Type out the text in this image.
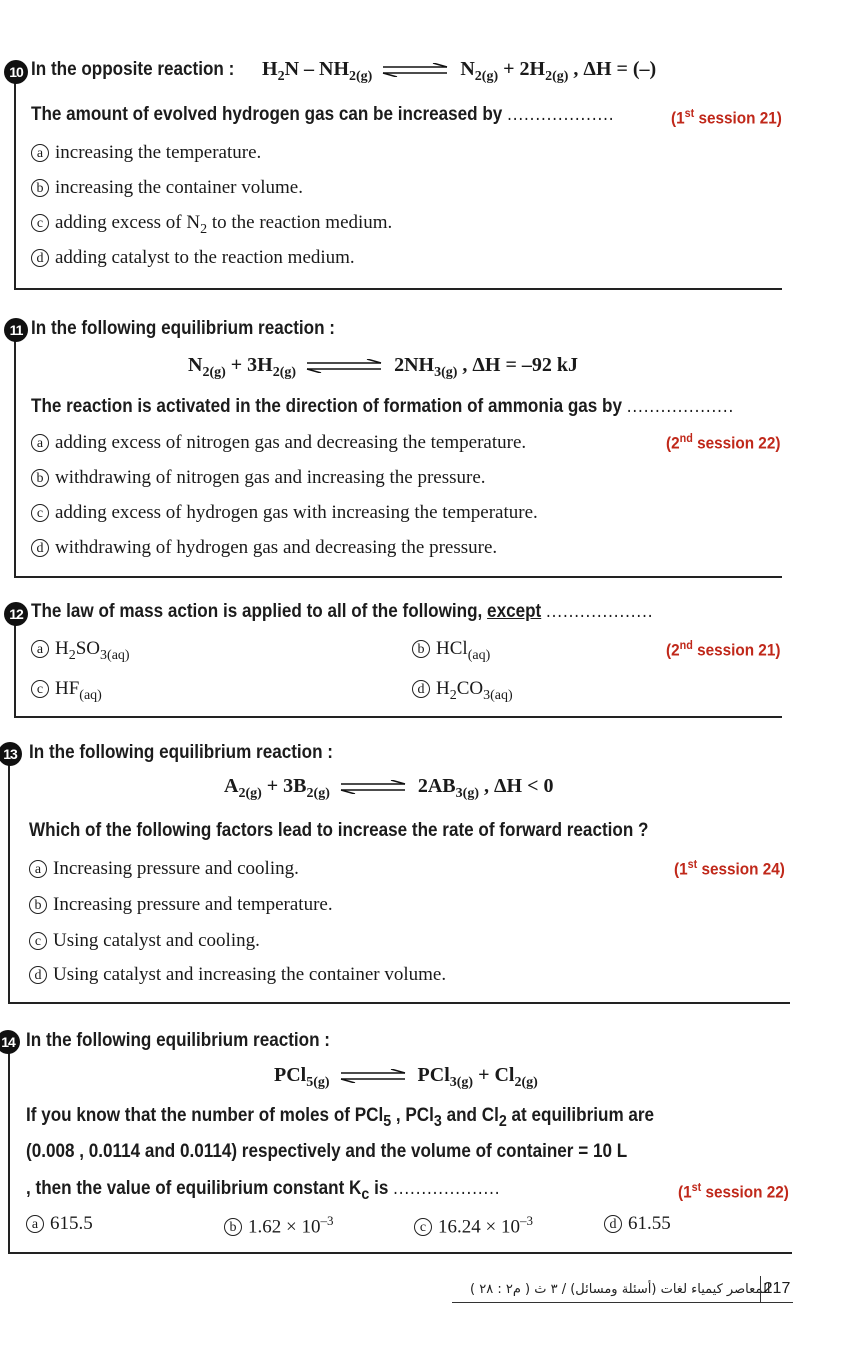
10 In the opposite reaction : $H_2N - NH_{2(g)}$ ⇌ $N_{2(g)} + 2H_{2(g)}$ , ΔH = (–)
The amount of evolved hydrogen gas can be increased by ...................	(1st session 21)
a increasing the temperature.
b increasing the container volume.
c adding excess of $N_2$ to the reaction medium.
d adding catalyst to the reaction medium.
11 In the following equilibrium reaction :
$N_{2(g)} + 3H_{2(g)}$ ⇌ $2NH_{3(g)}$ , ΔH = –92 kJ
The reaction is activated in the direction of formation of ammonia gas by ...................
(2nd session 22)
a adding excess of nitrogen gas and decreasing the temperature.
b withdrawing of nitrogen gas and increasing the pressure.
c adding excess of hydrogen gas with increasing the temperature.
d withdrawing of hydrogen gas and decreasing the pressure.
12 The law of mass action is applied to all of the following, except ...................
(2nd session 21)
a $H_2SO_{3(aq)}$	b HCl$_{(aq)}$
c $HF_{(aq)}$	d $H_2CO_{3(aq)}$
13 In the following equilibrium reaction :
$A_{2(g)} + 3B_{2(g)}$ ⇌ $2AB_{3(g)}$ , ΔH < 0
Which of the following factors lead to increase the rate of forward reaction ?
(1st session 24)
a Increasing pressure and cooling.
b Increasing pressure and temperature.
c Using catalyst and cooling.
d Using catalyst and increasing the container volume.
14 In the following equilibrium reaction :
PCl$_{5(g)}$ ⇌ $PCl_{3(g)} + Cl_{2(g)}$
If you know that the number of moles of PCl$_5$ , PCl$_3$ and $Cl_2$ at equilibrium are
(0.008 , 0.0114 and 0.0114) respectively and the volume of container = 10 L
, then the value of equilibrium constant $K_c$ is ...................	(1st session 22)
a 615.5	b $1.62 \times 10^{-3}$	c $16.24 \times 10^{-3}$	d 61.55
المعاصر كيمياء لغات (أسئلة ومسائل) / ٣ ث ( م٢ : ٢٨ )
217
